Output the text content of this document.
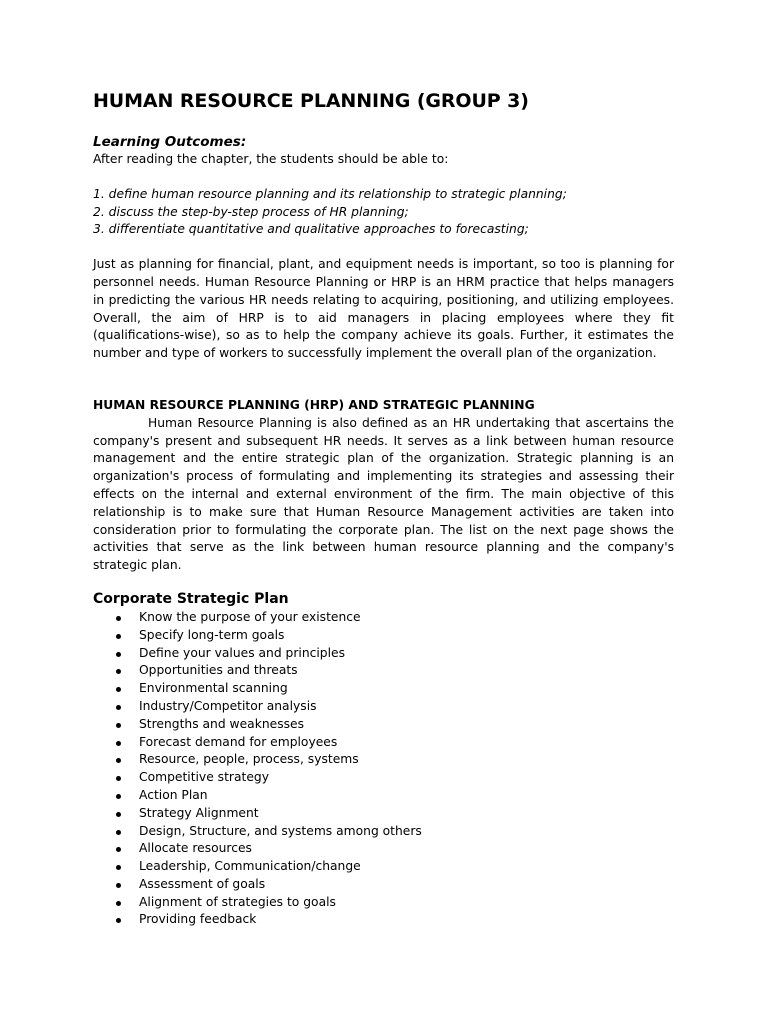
HUMAN RESOURCE PLANNING (GROUP 3)
Learning Outcomes:

After reading the chapter, the students should be able to:

1. define human resource planning and its relationship to strategic planning;
2. discuss the step-by-step process of HR planning;
3. differentiate quantitative and qualitative approaches to forecasting;

Just as planning for financial, plant, and equipment needs is important, so too is planning for personnel needs. Human Resource Planning or HRP is an HRM practice that helps managers in predicting the various HR needs relating to acquiring, positioning, and utilizing employees. Overall, the aim of HRP is to aid managers in placing employees where they fit (qualifications-wise), so as to help the company achieve its goals. Further, it estimates the number and type of workers to successfully implement the overall plan of the organization.

HUMAN RESOURCE PLANNING (HRP) AND STRATEGIC PLANNING

Human Resource Planning is also defined as an HR undertaking that ascertains the company's present and subsequent HR needs. It serves as a link between human resource management and the entire strategic plan of the organization. Strategic planning is an organization's process of formulating and implementing its strategies and assessing their effects on the internal and external environment of the firm. The main objective of this relationship is to make sure that Human Resource Management activities are taken into consideration prior to formulating the corporate plan. The list on the next page shows the activities that serve as the link between human resource planning and the company's strategic plan.

Corporate Strategic Plan
Know the purpose of your existence
Specify long-term goals
Define your values and principles
Opportunities and threats
Environmental scanning
Industry/Competitor analysis
Strengths and weaknesses
Forecast demand for employees
Resource, people, process, systems
Competitive strategy
Action Plan
Strategy Alignment
Design, Structure, and systems among others
Allocate resources
Leadership, Communication/change
Assessment of goals
Alignment of strategies to goals
Providing feedback
